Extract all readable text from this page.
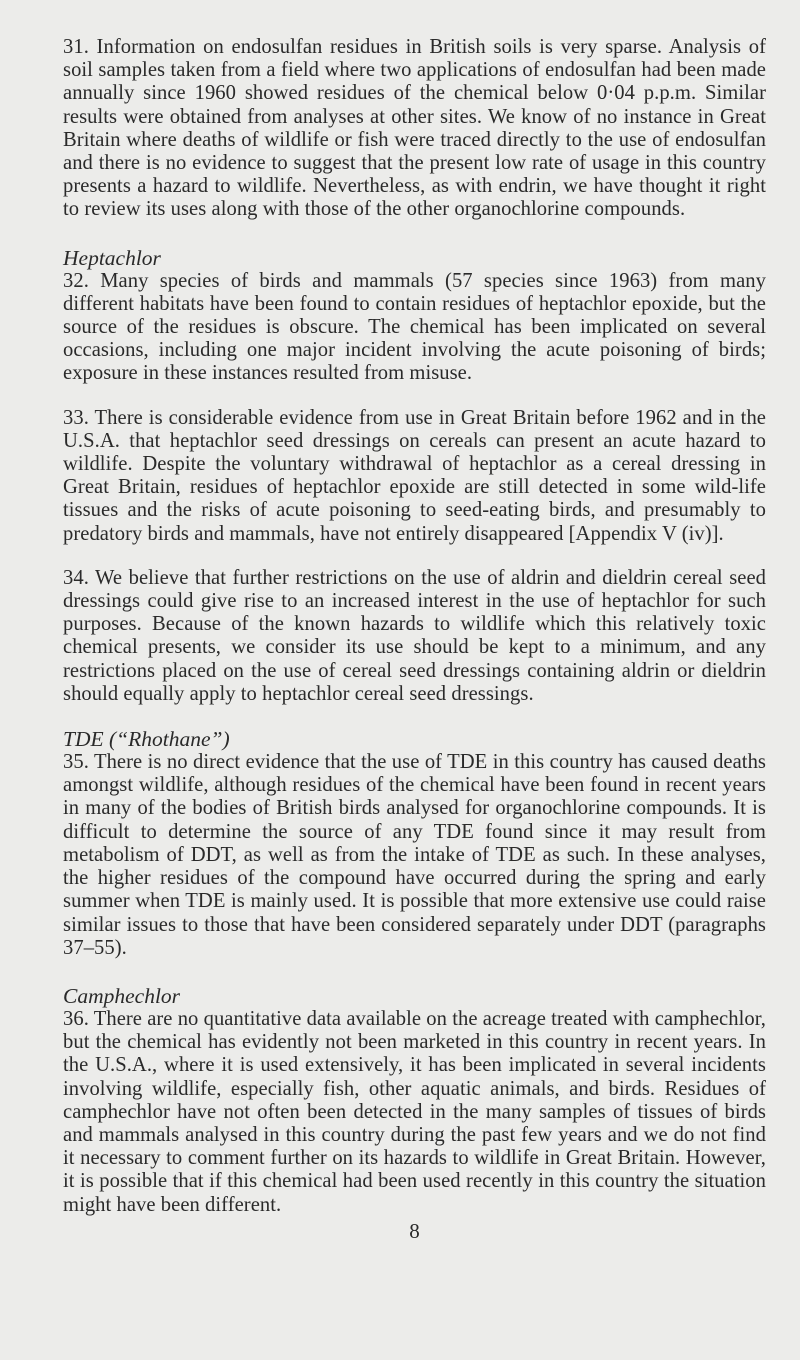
31. Information on endosulfan residues in British soils is very sparse. Analysis of soil samples taken from a field where two applications of endosulfan had been made annually since 1960 showed residues of the chemical below 0·04 p.p.m. Similar results were obtained from analyses at other sites. We know of no instance in Great Britain where deaths of wildlife or fish were traced directly to the use of endosulfan and there is no evidence to suggest that the present low rate of usage in this country presents a hazard to wildlife. Nevertheless, as with endrin, we have thought it right to review its uses along with those of the other organochlorine compounds.

Heptachlor

32. Many species of birds and mammals (57 species since 1963) from many different habitats have been found to contain residues of heptachlor epoxide, but the source of the residues is obscure. The chemical has been implicated on several occasions, including one major incident involving the acute poisoning of birds; exposure in these instances resulted from misuse.

33. There is considerable evidence from use in Great Britain before 1962 and in the U.S.A. that heptachlor seed dressings on cereals can present an acute hazard to wildlife. Despite the voluntary withdrawal of heptachlor as a cereal dressing in Great Britain, residues of heptachlor epoxide are still detected in some wild-life tissues and the risks of acute poisoning to seed-eating birds, and presumably to predatory birds and mammals, have not entirely disappeared [Appendix V (iv)].

34. We believe that further restrictions on the use of aldrin and dieldrin cereal seed dressings could give rise to an increased interest in the use of heptachlor for such purposes. Because of the known hazards to wildlife which this relatively toxic chemical presents, we consider its use should be kept to a minimum, and any restrictions placed on the use of cereal seed dressings containing aldrin or dieldrin should equally apply to heptachlor cereal seed dressings.

TDE (“Rhothane”)

35. There is no direct evidence that the use of TDE in this country has caused deaths amongst wildlife, although residues of the chemical have been found in recent years in many of the bodies of British birds analysed for organochlorine compounds. It is difficult to determine the source of any TDE found since it may result from metabolism of DDT, as well as from the intake of TDE as such. In these analyses, the higher residues of the compound have occurred during the spring and early summer when TDE is mainly used. It is possible that more extensive use could raise similar issues to those that have been considered separately under DDT (paragraphs 37–55).

Camphechlor

36. There are no quantitative data available on the acreage treated with camphechlor, but the chemical has evidently not been marketed in this country in recent years. In the U.S.A., where it is used extensively, it has been implicated in several incidents involving wildlife, especially fish, other aquatic animals, and birds. Residues of camphechlor have not often been detected in the many samples of tissues of birds and mammals analysed in this country during the past few years and we do not find it necessary to comment further on its hazards to wildlife in Great Britain. However, it is possible that if this chemical had been used recently in this country the situation might have been different.

8
